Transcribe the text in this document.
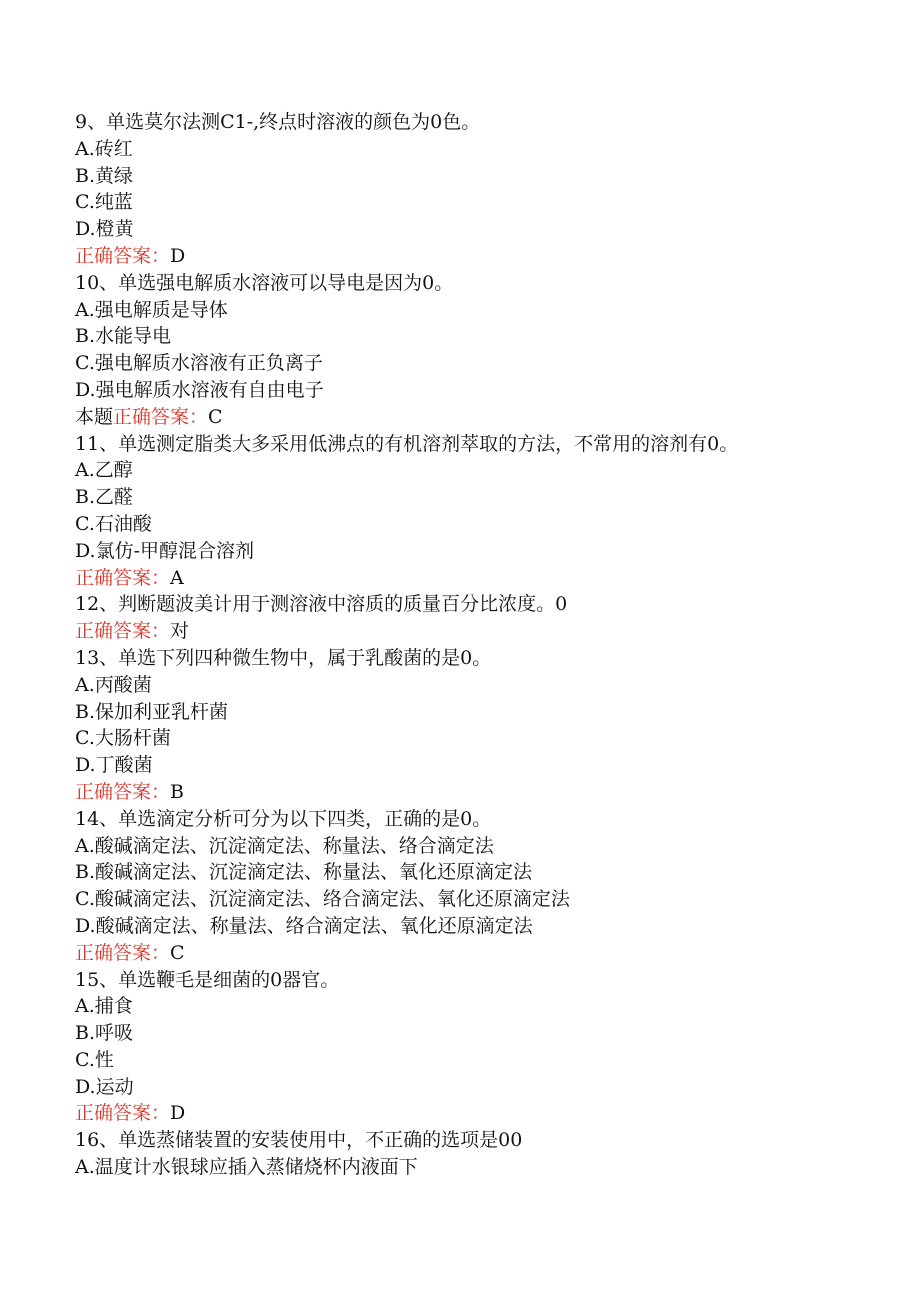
9、单选莫尔法测C1-,终点时溶液的颜色为0色。
A.砖红
B.黄绿
C.纯蓝
D.橙黄
正确答案：D
10、单选强电解质水溶液可以导电是因为0。
A.强电解质是导体
B.水能导电
C.强电解质水溶液有正负离子
D.强电解质水溶液有自由电子
本题正确答案：C
11、单选测定脂类大多采用低沸点的有机溶剂萃取的方法，不常用的溶剂有0。
A.乙醇
B.乙醛
C.石油酸
D.氯仿-甲醇混合溶剂
正确答案：A
12、判断题波美计用于测溶液中溶质的质量百分比浓度。0
正确答案：对
13、单选下列四种微生物中，属于乳酸菌的是0。
A.丙酸菌
B.保加利亚乳杆菌
C.大肠杆菌
D.丁酸菌
正确答案：B
14、单选滴定分析可分为以下四类，正确的是0。
A.酸碱滴定法、沉淀滴定法、称量法、络合滴定法
B.酸碱滴定法、沉淀滴定法、称量法、氧化还原滴定法
C.酸碱滴定法、沉淀滴定法、络合滴定法、氧化还原滴定法
D.酸碱滴定法、称量法、络合滴定法、氧化还原滴定法
正确答案：C
15、单选鞭毛是细菌的0器官。
A.捕食
B.呼吸
C.性
D.运动
正确答案：D
16、单选蒸储装置的安装使用中，不正确的选项是00
A.温度计水银球应插入蒸储烧杯内液面下
